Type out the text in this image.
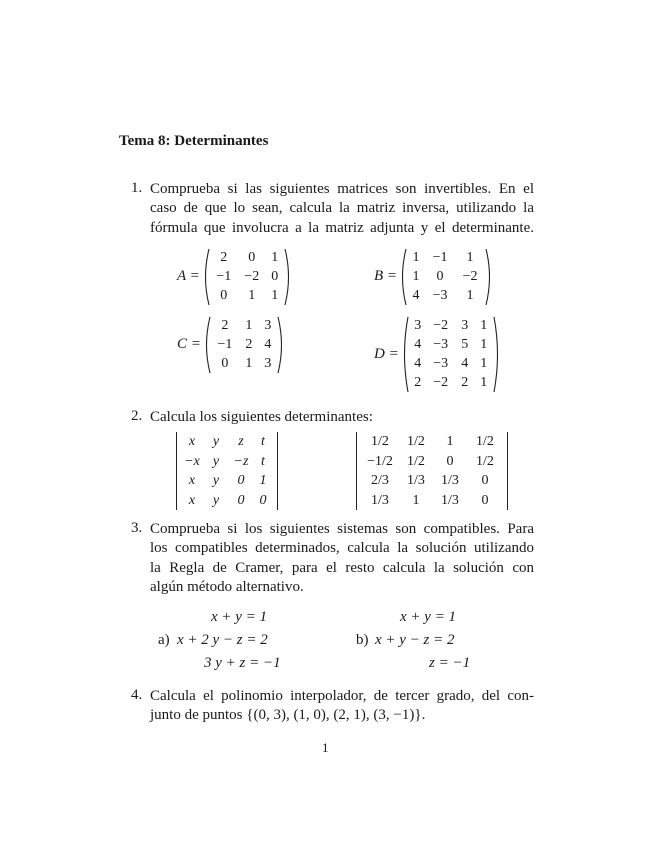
Tema 8: Determinantes
1. Comprueba si las siguientes matrices son invertibles. En el
caso de que lo sean, calcula la matriz inversa, utilizando la
fórmula que involucra a la matriz adjunta y el determinante.
A =
2	0	1
−1 −2 0
0	1	1
B =
1 −1	1
1	0	−2
4 −3	1
C =
2	1 3
−1 2 4
0	1 3
D =
3 −2 3 1
4 −3 5 1
4 −3 4 1
2 −2 2 1
2. Calcula los siguientes determinantes:
x	y	z	t
−x y	−z t
x	y	0	1
x	y	0	0
1/2	1/2	1	1/2
−1/2	1/2	0	1/2
2/3	1/3	1/3	0
1/3	1	1/3	0
3. Comprueba si los siguientes sistemas son compatibles. Para
los compatibles determinados, calcula la solución utilizando
la Regla de Cramer, para el resto calcula la solución con
algún método alternativo.
a)
x + y = 1
x + 2 y − z = 2
3 y + z = −1
b)
x + y = 1
x + y − z = 2
z = −1
4. Calcula el polinomio interpolador, de tercer grado, del con-
junto de puntos {(0, 3), (1, 0), (2, 1), (3, −1)}.
1
